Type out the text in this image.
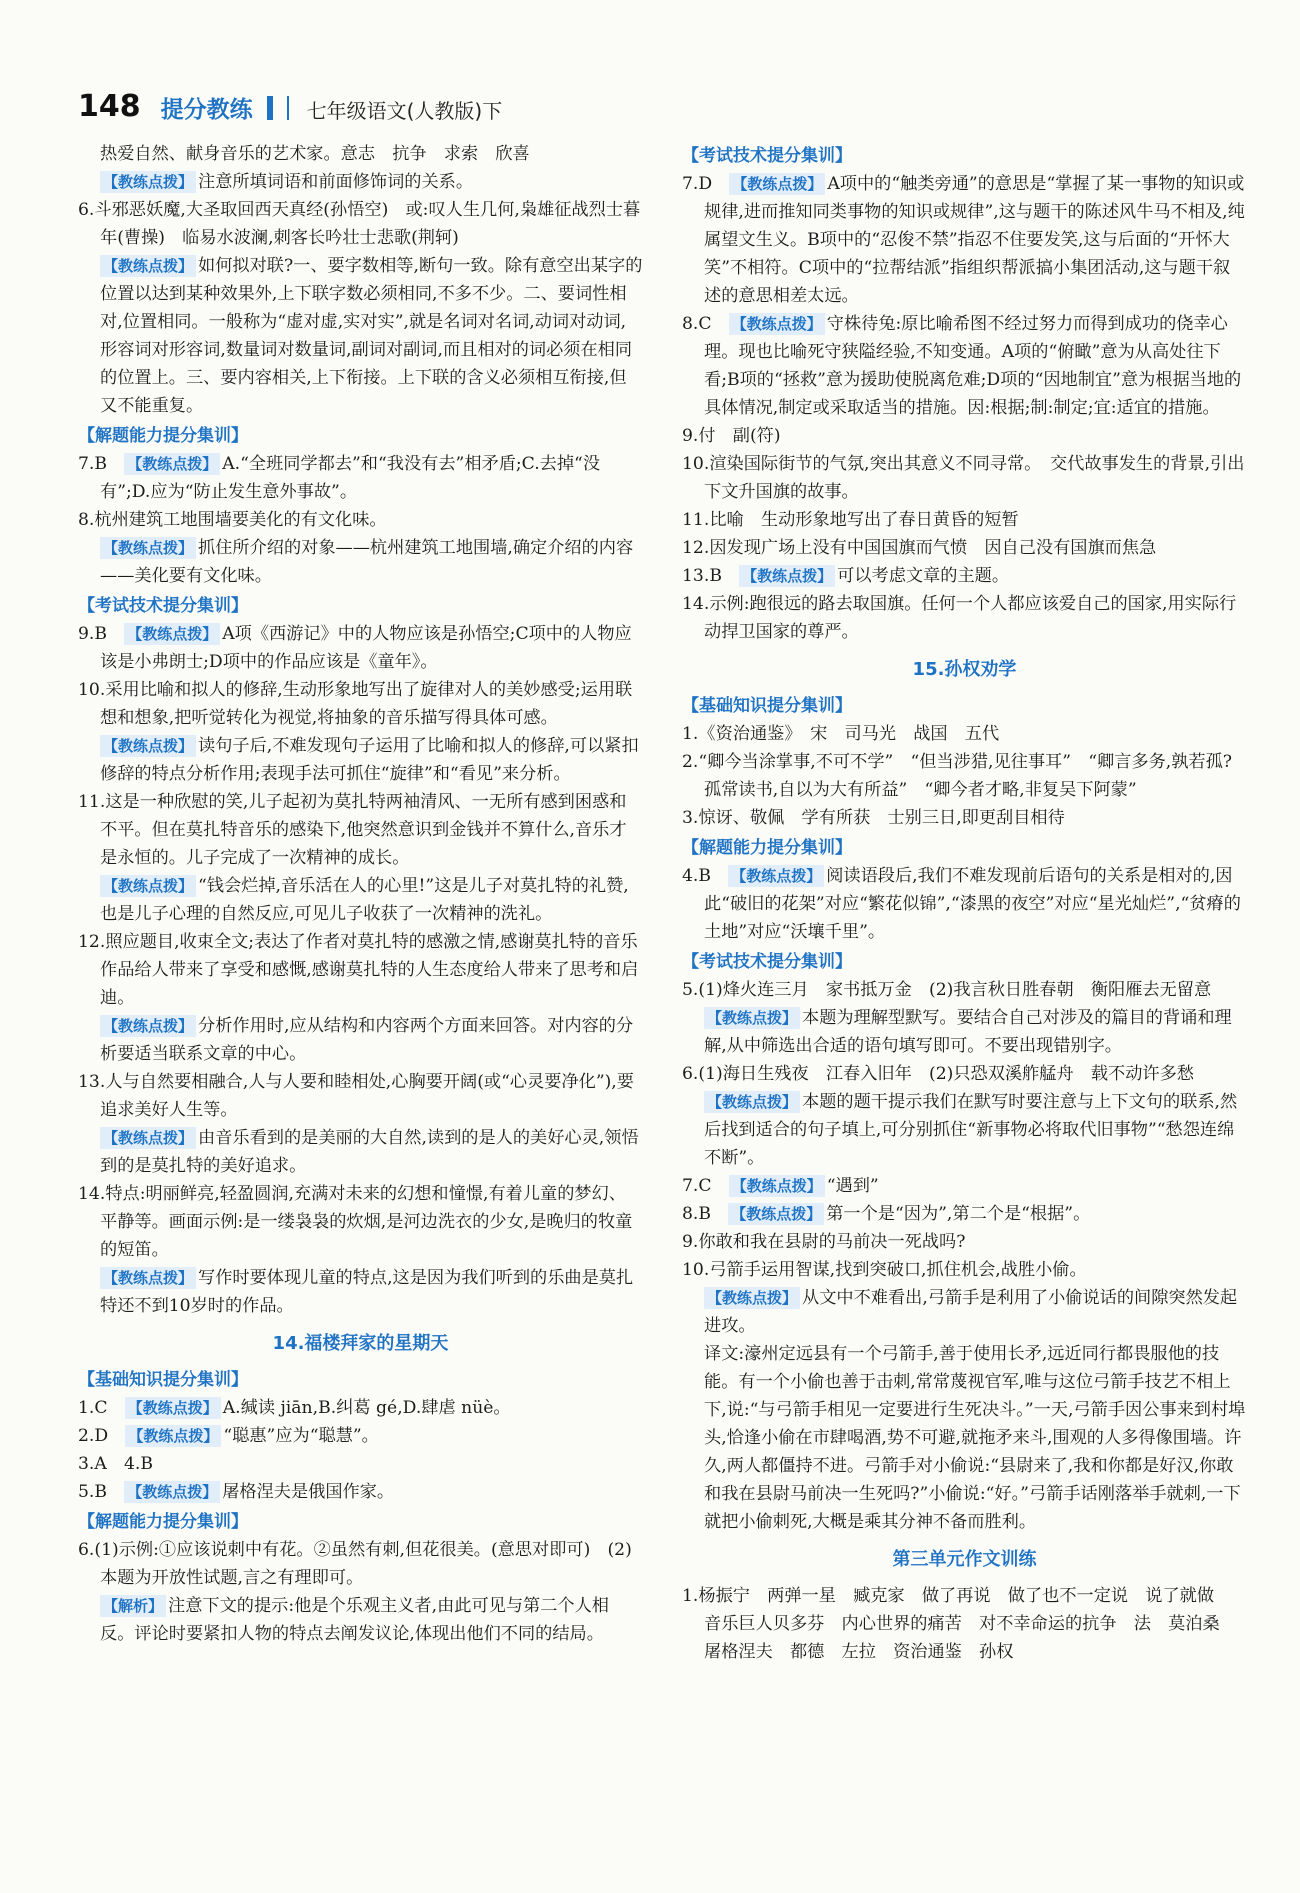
148 提分教练	七年级语文(人教版)下

热爱自然、献身音乐的艺术家。意志　抗争　求索　欣喜

【教练点拨】 注意所填词语和前面修饰词的关系。

6.斗邪恶妖魔,大圣取回西天真经(孙悟空)　或:叹人生几何,枭雄征战烈士暮年(曹操)　临易水波澜,刺客长吟壮士悲歌(荆轲)

【教练点拨】 如何拟对联?一、要字数相等,断句一致。除有意空出某字的位置以达到某种效果外,上下联字数必须相同,不多不少。二、要词性相对,位置相同。一般称为“虚对虚,实对实”,就是名词对名词,动词对动词,形容词对形容词,数量词对数量词,副词对副词,而且相对的词必须在相同的位置上。三、要内容相关,上下衔接。上下联的含义必须相互衔接,但又不能重复。

【解题能力提分集训】

7.B　【教练点拨】 A.“全班同学都去”和“我没有去”相矛盾;C.去掉“没有”;D.应为“防止发生意外事故”。

8.杭州建筑工地围墙要美化的有文化味。

【教练点拨】 抓住所介绍的对象——杭州建筑工地围墙,确定介绍的内容——美化要有文化味。

【考试技术提分集训】

9.B　【教练点拨】 A项《西游记》中的人物应该是孙悟空;C项中的人物应该是小弗朗士;D项中的作品应该是《童年》。

10.采用比喻和拟人的修辞,生动形象地写出了旋律对人的美妙感受;运用联想和想象,把听觉转化为视觉,将抽象的音乐描写得具体可感。

【教练点拨】 读句子后,不难发现句子运用了比喻和拟人的修辞,可以紧扣修辞的特点分析作用;表现手法可抓住“旋律”和“看见”来分析。

11.这是一种欣慰的笑,儿子起初为莫扎特两袖清风、一无所有感到困惑和不平。但在莫扎特音乐的感染下,他突然意识到金钱并不算什么,音乐才是永恒的。儿子完成了一次精神的成长。

【教练点拨】 “钱会烂掉,音乐活在人的心里!”这是儿子对莫扎特的礼赞,也是儿子心理的自然反应,可见儿子收获了一次精神的洗礼。

12.照应题目,收束全文;表达了作者对莫扎特的感激之情,感谢莫扎特的音乐作品给人带来了享受和感慨,感谢莫扎特的人生态度给人带来了思考和启迪。

【教练点拨】 分析作用时,应从结构和内容两个方面来回答。对内容的分析要适当联系文章的中心。

13.人与自然要相融合,人与人要和睦相处,心胸要开阔(或“心灵要净化”),要追求美好人生等。

【教练点拨】 由音乐看到的是美丽的大自然,读到的是人的美好心灵,领悟到的是莫扎特的美好追求。

14.特点:明丽鲜亮,轻盈圆润,充满对未来的幻想和憧憬,有着儿童的梦幻、平静等。画面示例:是一缕袅袅的炊烟,是河边洗衣的少女,是晚归的牧童的短笛。

【教练点拨】 写作时要体现儿童的特点,这是因为我们听到的乐曲是莫扎特还不到10岁时的作品。

14.福楼拜家的星期天

【基础知识提分集训】

1.C　【教练点拨】 A.缄读 jiān,B.纠葛 gé,D.肆虐 nüè。

2.D　【教练点拨】 “聪惠”应为“聪慧”。

3.A　4.B

5.B　【教练点拨】 屠格涅夫是俄国作家。

【解题能力提分集训】

6.(1)示例:①应该说刺中有花。②虽然有刺,但花很美。(意思对即可)　(2)本题为开放性试题,言之有理即可。

【解析】 注意下文的提示:他是个乐观主义者,由此可见与第二个人相反。评论时要紧扣人物的特点去阐发议论,体现出他们不同的结局。

【考试技术提分集训】

7.D　【教练点拨】 A项中的“触类旁通”的意思是“掌握了某一事物的知识或规律,进而推知同类事物的知识或规律”,这与题干的陈述风牛马不相及,纯属望文生义。B项中的“忍俊不禁”指忍不住要发笑,这与后面的“开怀大笑”不相符。C项中的“拉帮结派”指组织帮派搞小集团活动,这与题干叙述的意思相差太远。

8.C　【教练点拨】 守株待兔:原比喻希图不经过努力而得到成功的侥幸心理。现也比喻死守狭隘经验,不知变通。A项的“俯瞰”意为从高处往下看;B项的“拯救”意为援助使脱离危难;D项的“因地制宜”意为根据当地的具体情况,制定或采取适当的措施。因:根据;制:制定;宜:适宜的措施。

9.付　副(符)

10.渲染国际街节的气氛,突出其意义不同寻常。　交代故事发生的背景,引出下文升国旗的故事。

11.比喻　生动形象地写出了春日黄昏的短暂

12.因发现广场上没有中国国旗而气愤　因自己没有国旗而焦急

13.B　【教练点拨】 可以考虑文章的主题。

14.示例:跑很远的路去取国旗。任何一个人都应该爱自己的国家,用实际行动捍卫国家的尊严。

15.孙权劝学

【基础知识提分集训】

1.《资治通鉴》　宋　司马光　战国　五代

2.“卿今当涂掌事,不可不学”　“但当涉猎,见往事耳”　“卿言多务,孰若孤?孤常读书,自以为大有所益”　“卿今者才略,非复吴下阿蒙”

3.惊讶、敬佩　学有所获　士别三日,即更刮目相待

【解题能力提分集训】

4.B　【教练点拨】 阅读语段后,我们不难发现前后语句的关系是相对的,因此“破旧的花架”对应“繁花似锦”,“漆黑的夜空”对应“星光灿烂”,“贫瘠的土地”对应“沃壤千里”。

【考试技术提分集训】

5.(1)烽火连三月　家书抵万金　(2)我言秋日胜春朝　衡阳雁去无留意

【教练点拨】 本题为理解型默写。要结合自己对涉及的篇目的背诵和理解,从中筛选出合适的语句填写即可。不要出现错别字。

6.(1)海日生残夜　江春入旧年　(2)只恐双溪舴艋舟　载不动许多愁

【教练点拨】 本题的题干提示我们在默写时要注意与上下文句的联系,然后找到适合的句子填上,可分别抓住“新事物必将取代旧事物”“愁怨连绵不断”。

7.C　【教练点拨】 “遇到”

8.B　【教练点拨】 第一个是“因为”,第二个是“根据”。

9.你敢和我在县尉的马前决一死战吗?

10.弓箭手运用智谋,找到突破口,抓住机会,战胜小偷。

【教练点拨】 从文中不难看出,弓箭手是利用了小偷说话的间隙突然发起进攻。

译文:濠州定远县有一个弓箭手,善于使用长矛,远近同行都畏服他的技能。有一个小偷也善于击刺,常常蔑视官军,唯与这位弓箭手技艺不相上下,说:“与弓箭手相见一定要进行生死决斗。”一天,弓箭手因公事来到村埠头,恰逢小偷在市肆喝酒,势不可避,就拖矛来斗,围观的人多得像围墙。许久,两人都僵持不进。弓箭手对小偷说:“县尉来了,我和你都是好汉,你敢和我在县尉马前决一生死吗?”小偷说:“好。”弓箭手话刚落举手就刺,一下就把小偷刺死,大概是乘其分神不备而胜利。

第三单元作文训练

1.杨振宁　两弹一星　臧克家　做了再说　做了也不一定说　说了就做　音乐巨人贝多芬　内心世界的痛苦　对不幸命运的抗争　法　莫泊桑　屠格涅夫　都德　左拉　资治通鉴　孙权
